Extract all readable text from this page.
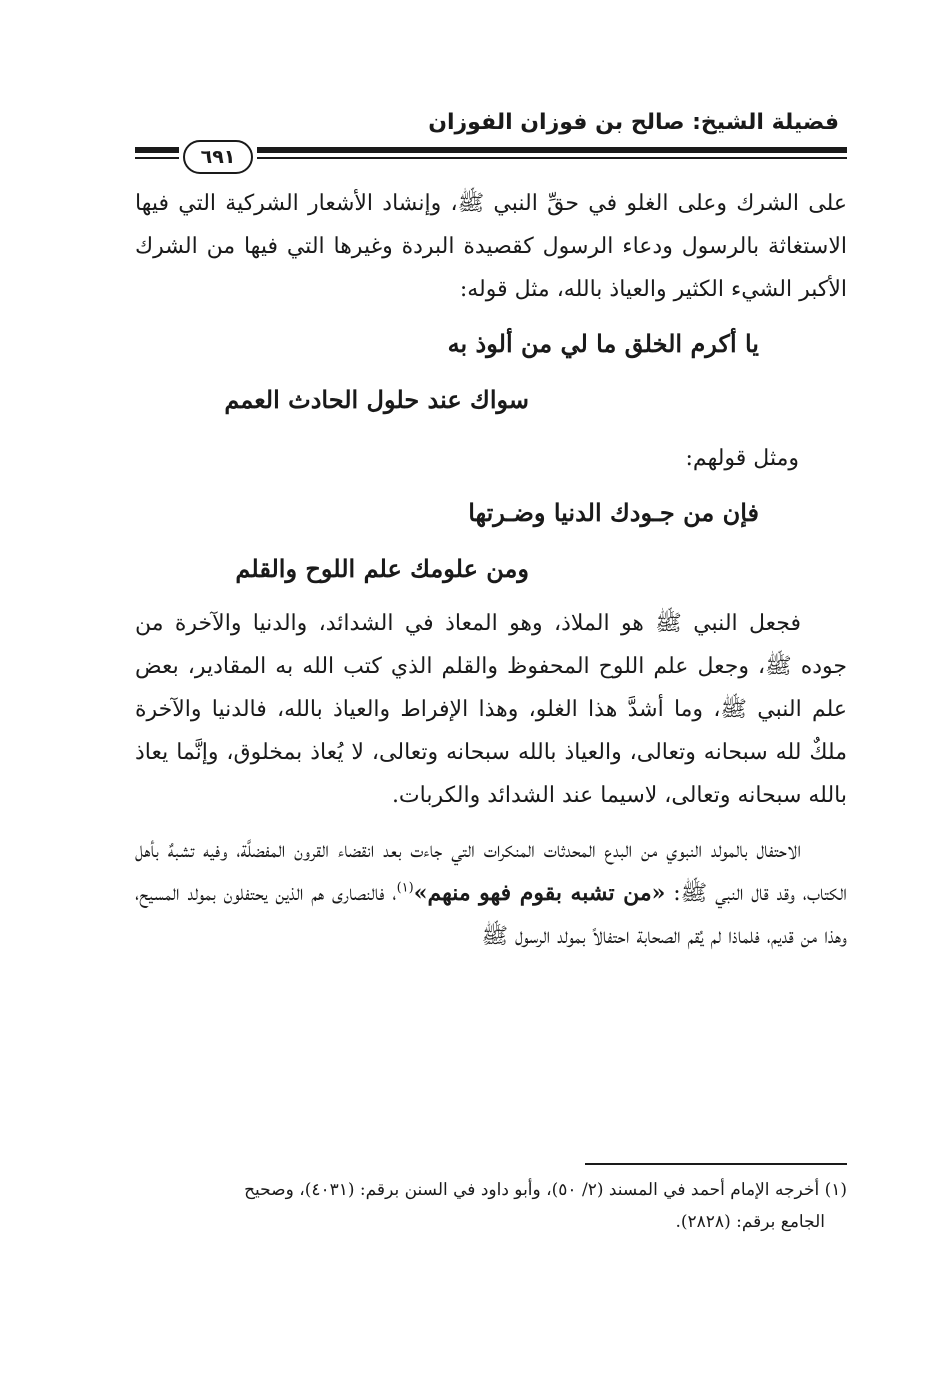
فضيلة الشيخ: صالح بن فوزان الفوزان
٦٩١

على الشرك وعلى الغلو في حقِّ النبي ﷺ، وإنشاد الأشعار الشركية التي فيها الاستغاثة بالرسول ودعاء الرسول كقصيدة البردة وغيرها التي فيها من الشرك الأكبر الشيء الكثير والعياذ بالله، مثل قوله:

يا أكرم الخلق ما لي من ألوذ به
سواك عند حلول الحادث العمم
ومثل قولهم:
فإن من جـودك الدنيا وضـرتها
ومن علومك علم اللوح والقلم

فجعل النبي ﷺ هو الملاذ، وهو المعاذ في الشدائد، والدنيا والآخرة من جوده ﷺ، وجعل علم اللوح المحفوظ والقلم الذي كتب الله به المقادير، بعض علم النبي ﷺ، وما أشدَّ هذا الغلو، وهذا الإفراط والعياذ بالله، فالدنيا والآخرة ملكٌ لله سبحانه وتعالى، والعياذ بالله سبحانه وتعالى، لا يُعاذ بمخلوق، وإنَّما يعاذ بالله سبحانه وتعالى، لاسيما عند الشدائد والكربات.

الاحتفال بالمولد النبوي من البدع المحدثات المنكرات التي جاءت بعد انقضاء القرون المفضلَّة، وفيه تشبهٌ بأهل الكتاب، وقد قال النبي ﷺ: «من تشبه بقوم فهو منهم»$^{(١)}$، فالنصارى هم الذين يحتفلون بمولد المسيح، وهذا من قديم، فلماذا لم يُقم الصحابة احتفالاً بمولد الرسول ﷺ

(١) أخرجه الإمام أحمد في المسند (٢/ ٥٠)، وأبو داود في السنن برقم: (٤٠٣١)، وصحيح
الجامع برقم: (٢٨٢٨).
